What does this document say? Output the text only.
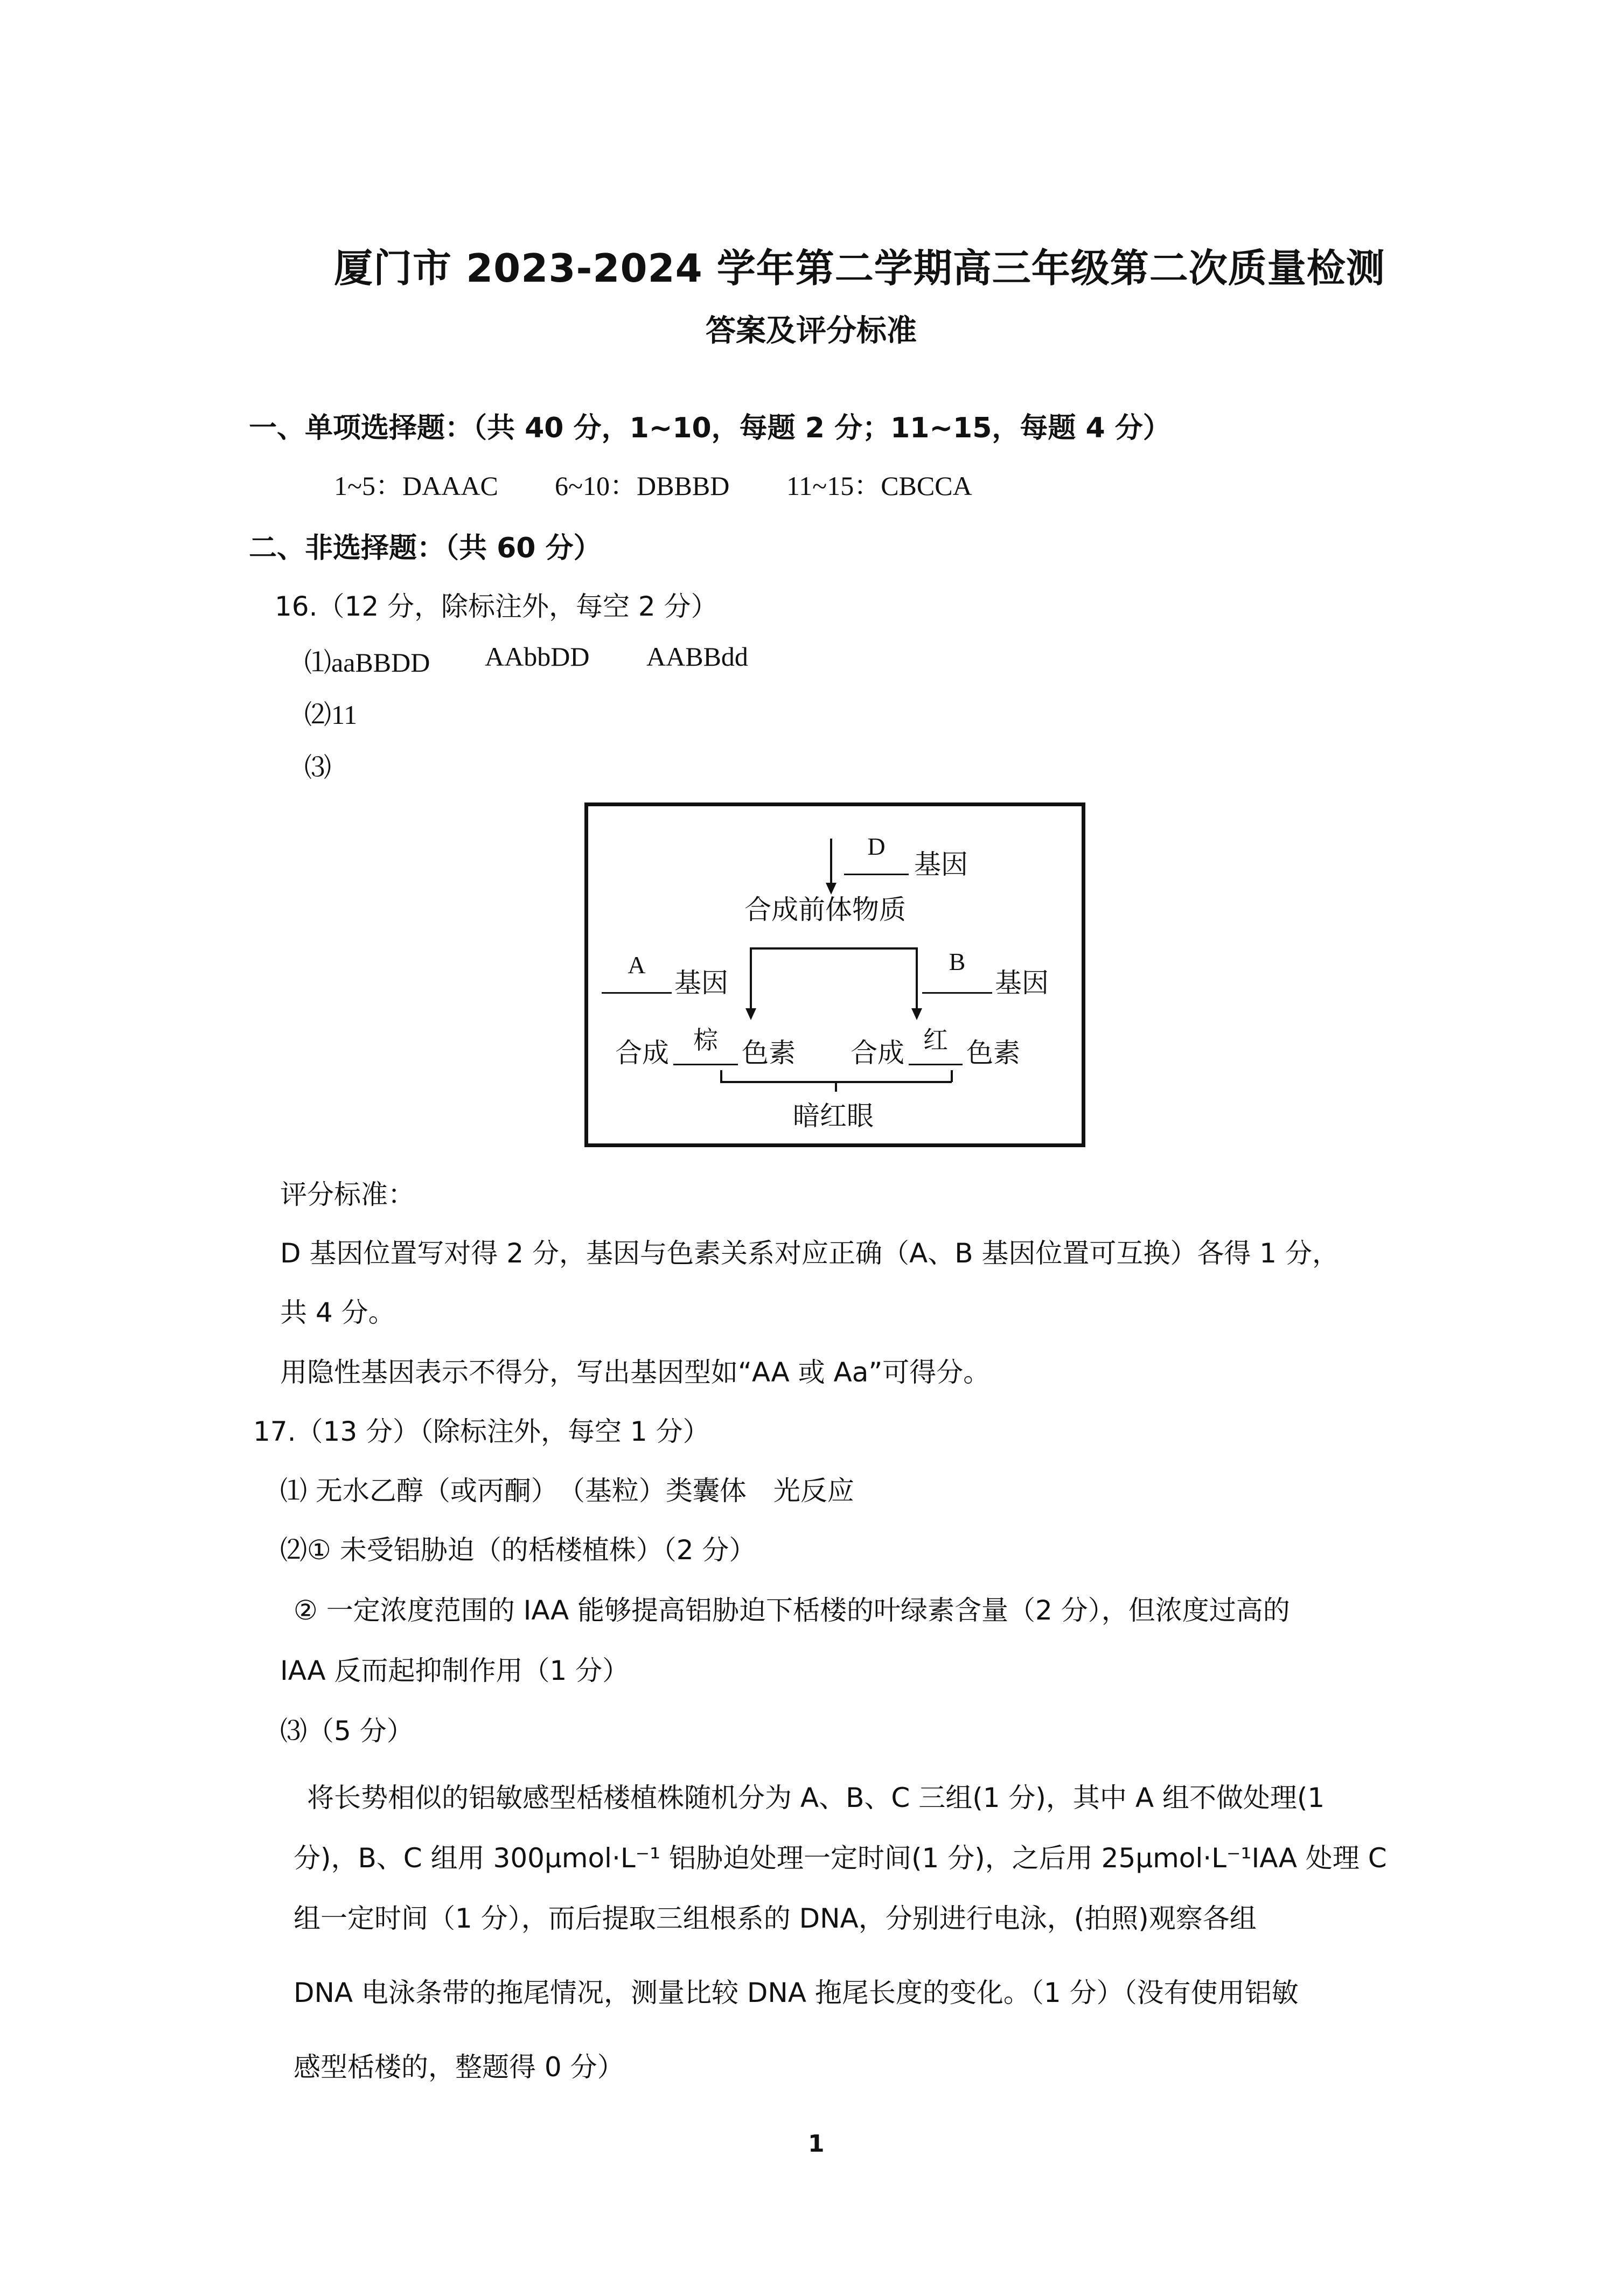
厦门市 2023-2024 学年第二学期高三年级第二次质量检测
答案及评分标准
一、单项选择题：（共 40 分，1~10，每题 2 分；11~15，每题 4 分）
1~5：DAAAC 6~10：DBBBD 11~15：CBCCA
二、非选择题：（共 60 分）
16.（12 分，除标注外，每空 2 分）
⑴aaBBDD AAbbDD AABBdd
⑵11
⑶
D
基因
合成前体物质
A
基因
B
基因
合成 棕 色素 合成 红 色素
暗红眼
评分标准：
D 基因位置写对得 2 分，基因与色素关系对应正确（A、B 基因位置可互换）各得 1 分，
共 4 分。
用隐性基因表示不得分，写出基因型如“AA 或 Aa”可得分。
17.（13 分）（除标注外，每空 1 分）
⑴ 无水乙醇（或丙酮）　（基粒）类囊体　光反应
⑵① 未受铝胁迫（的栝楼植株）（2 分）
② 一定浓度范围的 IAA 能够提高铝胁迫下栝楼的叶绿素含量（2 分），但浓度过高的
IAA 反而起抑制作用（1 分）
⑶（5 分）
将长势相似的铝敏感型栝楼植株随机分为 A、B、C 三组(1 分)，其中 A 组不做处理(1
分)，B、C 组用 300μmol·L⁻¹ 铝胁迫处理一定时间(1 分)，之后用 25μmol·L⁻¹IAA 处理 C
组一定时间（1 分），而后提取三组根系的 DNA，分别进行电泳，(拍照)观察各组
DNA 电泳条带的拖尾情况，测量比较 DNA 拖尾长度的变化。（1 分）（没有使用铝敏
感型栝楼的，整题得 0 分）
1
